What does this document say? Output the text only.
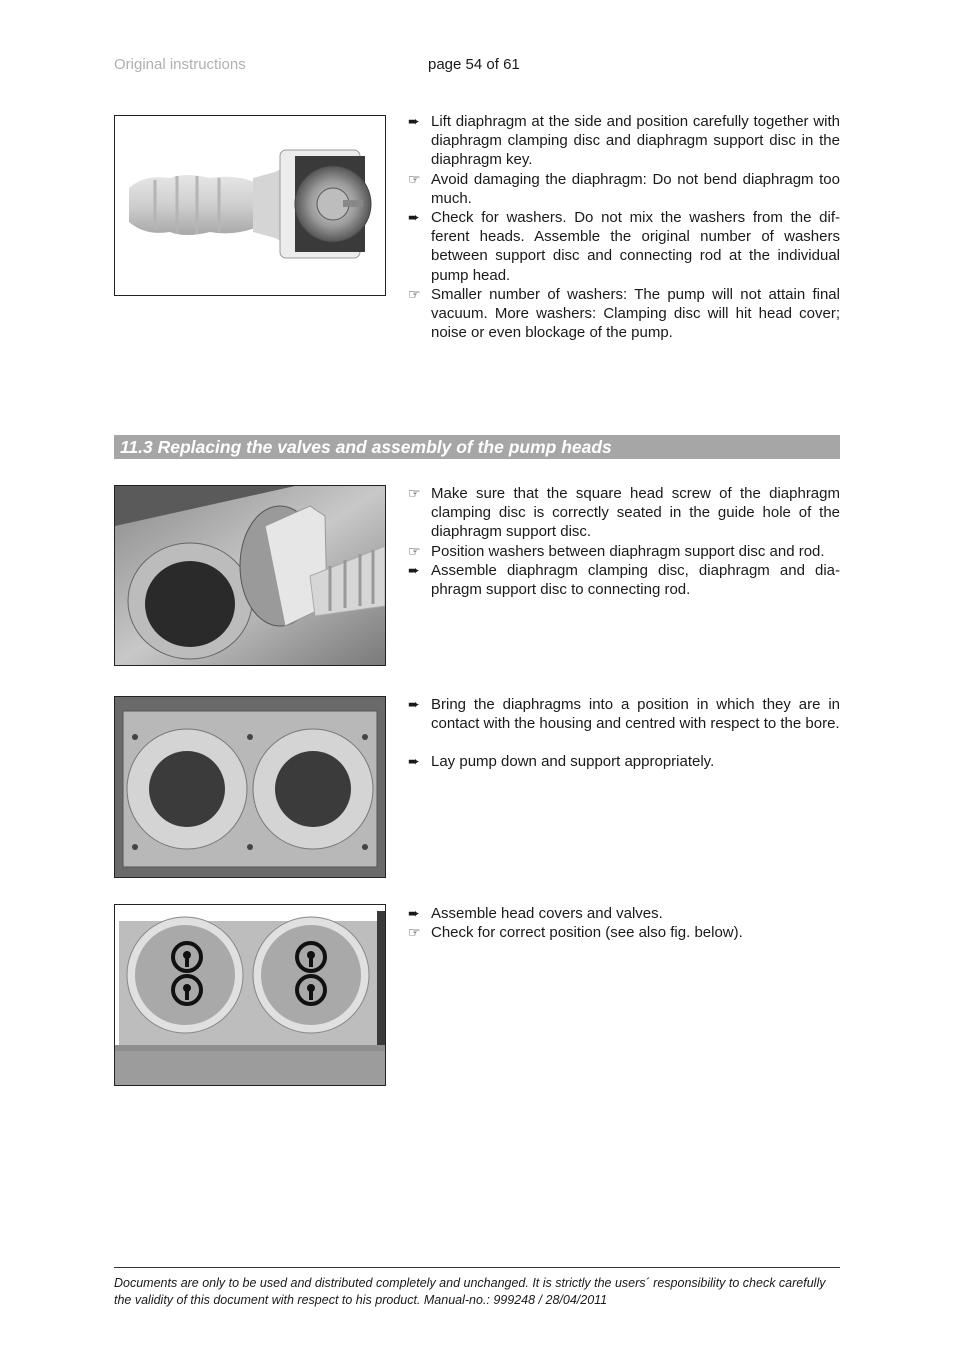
Original instructions	page 54 of 61
➨ Lift diaphragm at the side and position carefully together with diaphragm clamping disc and diaphragm support disc in the diaphragm key.
☞ Avoid damaging the diaphragm: Do not bend diaphragm too much.
➨ Check for washers. Do not mix the washers from the dif-ferent heads. Assemble the original number of washers between support disc and connecting rod at the individual pump head.
☞ Smaller number of washers: The pump will not attain final vacuum. More washers: Clamping disc will hit head cover; noise or even blockage of the pump.
11.3 Replacing the valves and assembly of the pump heads
☞ Make sure that the square head screw of the diaphragm clamping disc is correctly seated in the guide hole of the diaphragm support disc.
☞ Position washers between diaphragm support disc and rod.
➨ Assemble diaphragm clamping disc, diaphragm and dia-phragm support disc to connecting rod.
➨ Bring the diaphragms into a position in which they are in contact with the housing and centred with respect to the bore.
➨ Lay pump down and support appropriately.
➨ Assemble head covers and valves.
☞ Check for correct position (see also fig. below).
Documents are only to be used and distributed completely and unchanged. It is strictly the users´ responsibility to check carefully
the validity of this document with respect to his product. Manual-no.: 999248 / 28/04/2011
